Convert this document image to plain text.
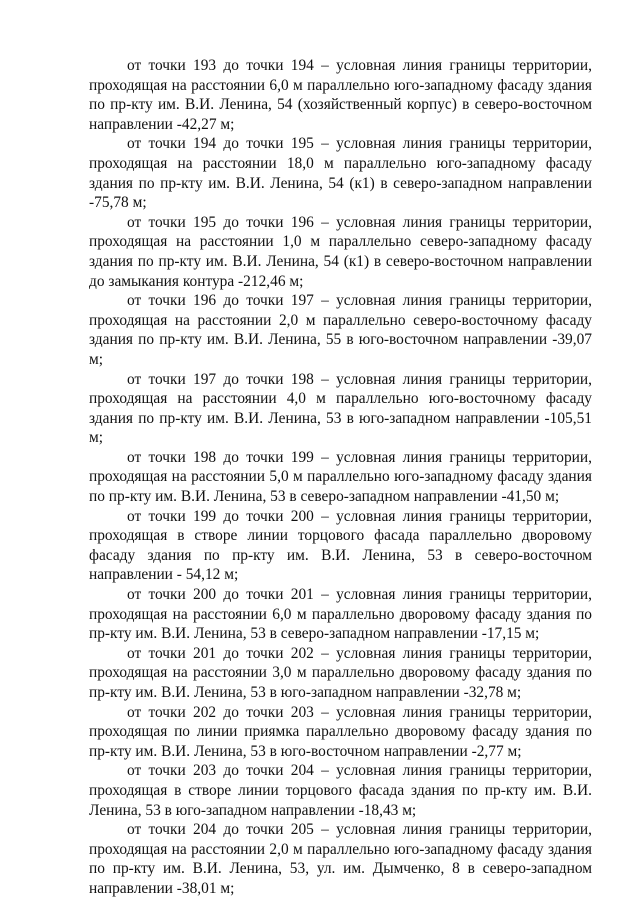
от точки 193 до точки 194 – условная линия границы территории, проходящая на расстоянии 6,0 м параллельно юго-западному фасаду здания по пр-кту им. В.И. Ленина, 54 (хозяйственный корпус) в северо-восточном направлении -42,27 м;

от точки 194 до точки 195 – условная линия границы территории, проходящая на расстоянии 18,0 м параллельно юго-западному фасаду здания по пр-кту им. В.И. Ленина, 54 (к1) в северо-западном направлении -75,78 м;

от точки 195 до точки 196 – условная линия границы территории, проходящая на расстоянии 1,0 м параллельно северо-западному фасаду здания по пр-кту им. В.И. Ленина, 54 (к1) в северо-восточном направлении до замыкания контура -212,46 м;

от точки 196 до точки 197 – условная линия границы территории, проходящая на расстоянии 2,0 м параллельно северо-восточному фасаду здания по пр-кту им. В.И. Ленина, 55 в юго-восточном направлении -39,07 м;

от точки 197 до точки 198 – условная линия границы территории, проходящая на расстоянии 4,0 м параллельно юго-восточному фасаду здания по пр-кту им. В.И. Ленина, 53 в юго-западном направлении -105,51 м;

от точки 198 до точки 199 – условная линия границы территории, проходящая на расстоянии 5,0 м параллельно юго-западному фасаду здания по пр-кту им. В.И. Ленина, 53 в северо-западном направлении -41,50 м;

от точки 199 до точки 200 – условная линия границы территории, проходящая в створе линии торцового фасада параллельно дворовому фасаду здания по пр-кту им. В.И. Ленина, 53 в северо-восточном направлении - 54,12 м;

от точки 200 до точки 201 – условная линия границы территории, проходящая на расстоянии 6,0 м параллельно дворовому фасаду здания по пр-кту им. В.И. Ленина, 53 в северо-западном направлении -17,15 м;

от точки 201 до точки 202 – условная линия границы территории, проходящая на расстоянии 3,0 м параллельно дворовому фасаду здания по пр-кту им. В.И. Ленина, 53 в юго-западном направлении -32,78 м;

от точки 202 до точки 203 – условная линия границы территории, проходящая по линии приямка параллельно дворовому фасаду здания по пр-кту им. В.И. Ленина, 53 в юго-восточном направлении -2,77 м;

от точки 203 до точки 204 – условная линия границы территории, проходящая в створе линии торцового фасада здания по пр-кту им. В.И. Ленина, 53 в юго-западном направлении -18,43 м;

от точки 204 до точки 205 – условная линия границы территории, проходящая на расстоянии 2,0 м параллельно юго-западному фасаду здания по пр-кту им. В.И. Ленина, 53, ул. им. Дымченко, 8 в северо-западном направлении -38,01 м;
